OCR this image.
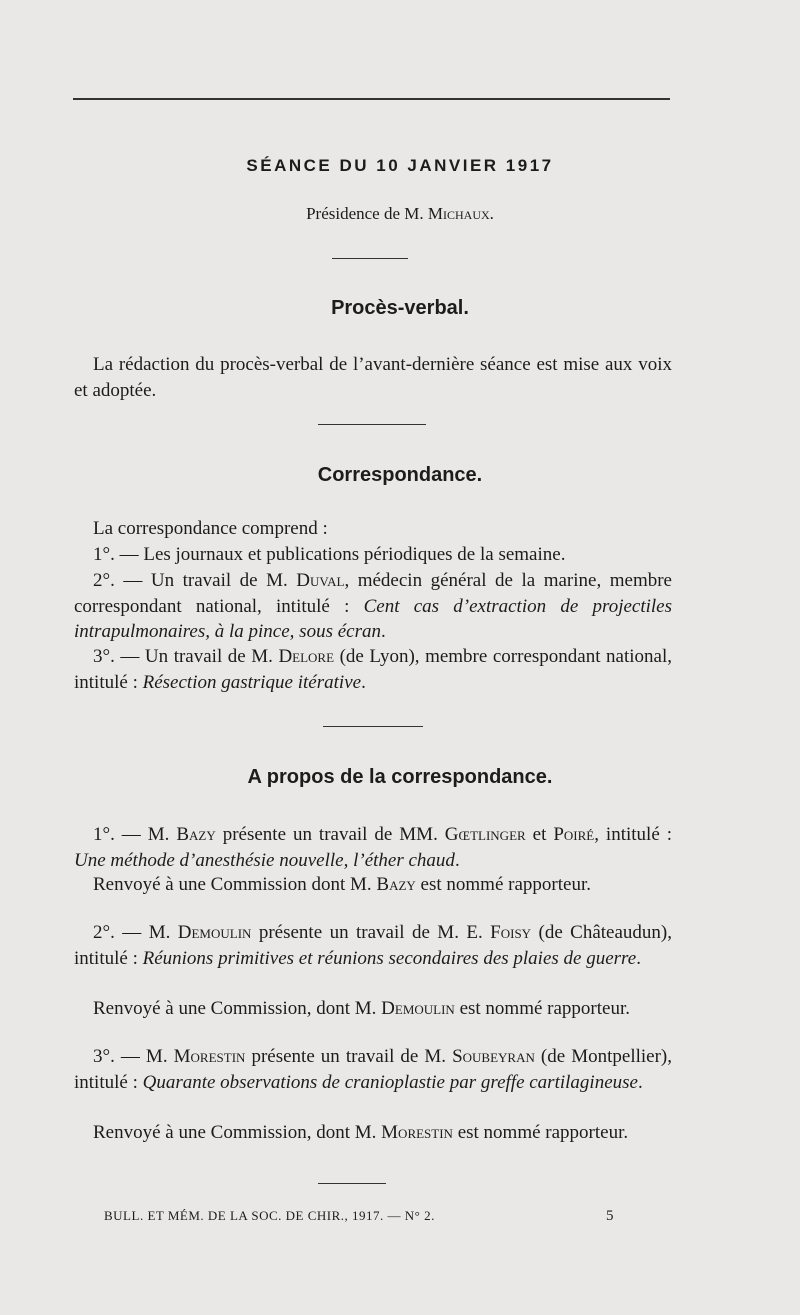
SÉANCE DU 10 JANVIER 1917
Présidence de M. Michaux.
Procès-verbal.
La rédaction du procès-verbal de l’avant-dernière séance est mise aux voix et adoptée.
Correspondance.
La correspondance comprend :
1°. — Les journaux et publications périodiques de la semaine.
2°. — Un travail de M. Duval, médecin général de la marine, membre correspondant national, intitulé : Cent cas d’extraction de projectiles intrapulmonaires, à la pince, sous écran.
3°. — Un travail de M. Delore (de Lyon), membre correspondant national, intitulé : Résection gastrique itérative.
A propos de la correspondance.
1°. — M. Bazy présente un travail de MM. Gœtlinger et Poiré, intitulé : Une méthode d’anesthésie nouvelle, l’éther chaud.
Renvoyé à une Commission dont M. Bazy est nommé rapporteur.
2°. — M. Demoulin présente un travail de M. E. Foisy (de Châteaudun), intitulé : Réunions primitives et réunions secondaires des plaies de guerre.
Renvoyé à une Commission, dont M. Demoulin est nommé rapporteur.
3°. — M. Morestin présente un travail de M. Soubeyran (de Montpellier), intitulé : Quarante observations de cranioplastie par greffe cartilagineuse.
Renvoyé à une Commission, dont M. Morestin est nommé rapporteur.
BULL. ET MÉM. DE LA SOC. DE CHIR., 1917. — N° 2.	5
